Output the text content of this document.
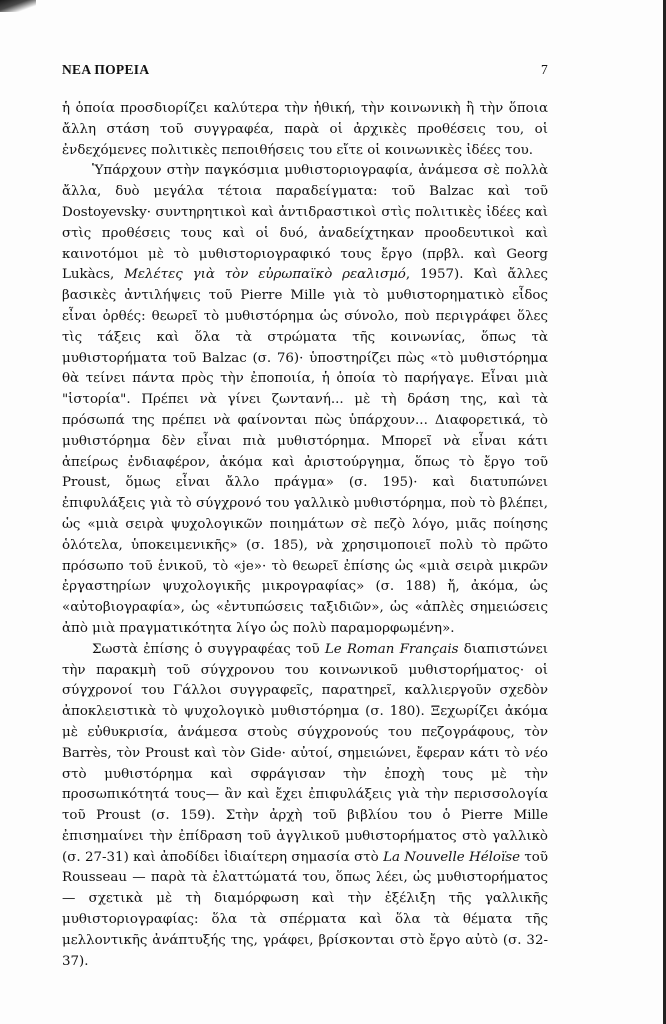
ΝΕΑ ΠΟΡΕΙΑ	7

ἡ ὁποία προσδιορίζει καλύτερα τὴν ἠθική, τὴν κοινωνικὴ ἢ τὴν ὅποια ἄλλη στάση τοῦ συγγραφέα, παρὰ οἱ ἀρχικὲς προθέσεις του, οἱ ἐνδεχόμενες πολιτικὲς πεποιθήσεις του εἴτε οἱ κοινωνικὲς ἰδέες του.

Ὑπάρχουν στὴν παγκόσμια μυθιστοριογραφία, ἀνάμεσα σὲ πολλὰ ἄλλα, δυὸ μεγάλα τέτοια παραδείγματα: τοῦ Balzac καὶ τοῦ Dostoyevsky· συντηρητικοὶ καὶ ἀντιδραστικοὶ στὶς πολιτικὲς ἰδέες καὶ στὶς προθέσεις τους καὶ οἱ δυό, ἀναδείχτηκαν προοδευτικοὶ καὶ καινοτόμοι μὲ τὸ μυθιστοριογραφικό τους ἔργο (πρβλ. καὶ Georg Lukàcs, Μελέτες γιὰ τὸν εὐρωπαϊκὸ ρεαλισμό, 1957). Καὶ ἄλλες βασικὲς ἀντιλήψεις τοῦ Pierre Mille γιὰ τὸ μυθιστορηματικὸ εἶδος εἶναι ὀρθές: θεωρεῖ τὸ μυθιστόρημα ὡς σύνολο, ποὺ περιγράφει ὅλες τὶς τάξεις καὶ ὅλα τὰ στρώματα τῆς κοινωνίας, ὅπως τὰ μυθιστορήματα τοῦ Balzac (σ. 76)· ὑποστηρίζει πὼς «τὸ μυθιστόρημα θὰ τείνει πάντα πρὸς τὴν ἐποποιία, ἡ ὁποία τὸ παρήγαγε. Εἶναι μιὰ "ἱστορία". Πρέπει νὰ γίνει ζωντανή... μὲ τὴ δράση της, καὶ τὰ πρόσωπά της πρέπει νὰ φαίνονται πὼς ὑπάρχουν... Διαφορετικά, τὸ μυθιστόρημα δὲν εἶναι πιὰ μυθιστόρημα. Μπορεῖ νὰ εἶναι κάτι ἀπείρως ἐνδιαφέρον, ἀκόμα καὶ ἀριστούργημα, ὅπως τὸ ἔργο τοῦ Proust, ὅμως εἶναι ἄλλο πράγμα» (σ. 195)· καὶ διατυπώνει ἐπιφυλάξεις γιὰ τὸ σύγχρονό του γαλλικὸ μυθιστόρημα, ποὺ τὸ βλέπει, ὡς «μιὰ σειρὰ ψυχολογικῶν ποιημάτων σὲ πεζὸ λόγο, μιᾶς ποίησης ὁλότελα, ὑποκειμενικῆς» (σ. 185), νὰ χρησιμοποιεῖ πολὺ τὸ πρῶτο πρόσωπο τοῦ ἑνικοῦ, τὸ «je»· τὸ θεωρεῖ ἐπίσης ὡς «μιὰ σειρὰ μικρῶν ἐργαστηρίων ψυχολογικῆς μικρογραφίας» (σ. 188) ἤ, ἀκόμα, ὡς «αὐτοβιογραφία», ὡς «ἐντυπώσεις ταξιδιῶν», ὡς «ἁπλὲς σημειώσεις ἀπὸ μιὰ πραγματικότητα λίγο ὡς πολὺ παραμορφωμένη».

Σωστὰ ἐπίσης ὁ συγγραφέας τοῦ Le Roman Français διαπιστώνει τὴν παρακμὴ τοῦ σύγχρονου του κοινωνικοῦ μυθιστορήματος· οἱ σύγχρονοί του Γάλλοι συγγραφεῖς, παρατηρεῖ, καλλιεργοῦν σχεδὸν ἀποκλειστικὰ τὸ ψυχολογικὸ μυθιστόρημα (σ. 180). Ξεχωρίζει ἀκόμα μὲ εὐθυκρισία, ἀνάμεσα στοὺς σύγχρονούς του πεζογράφους, τὸν Barrès, τὸν Proust καὶ τὸν Gide· αὐτοί, σημειώνει, ἔφεραν κάτι τὸ νέο στὸ μυθιστόρημα καὶ σφράγισαν τὴν ἐποχὴ τους μὲ τὴν προσωπικότητά τους— ἂν καὶ ἔχει ἐπιφυλάξεις γιὰ τὴν περισσολογία τοῦ Proust (σ. 159). Στὴν ἀρχὴ τοῦ βιβλίου του ὁ Pierre Mille ἐπισημαίνει τὴν ἐπίδραση τοῦ ἀγγλικοῦ μυθιστορήματος στὸ γαλλικὸ (σ. 27-31) καὶ ἀποδίδει ἰδιαίτερη σημασία στὸ La Nouvelle Héloïse τοῦ Rousseau — παρὰ τὰ ἐλαττώματά του, ὅπως λέει, ὡς μυθιστορήματος — σχετικὰ μὲ τὴ διαμόρφωση καὶ τὴν ἐξέλιξη τῆς γαλλικῆς μυθιστοριογραφίας: ὅλα τὰ σπέρματα καὶ ὅλα τὰ θέματα τῆς μελλοντικῆς ἀνάπτυξής της, γράφει, βρίσκονται στὸ ἔργο αὐτὸ (σ. 32-37).
